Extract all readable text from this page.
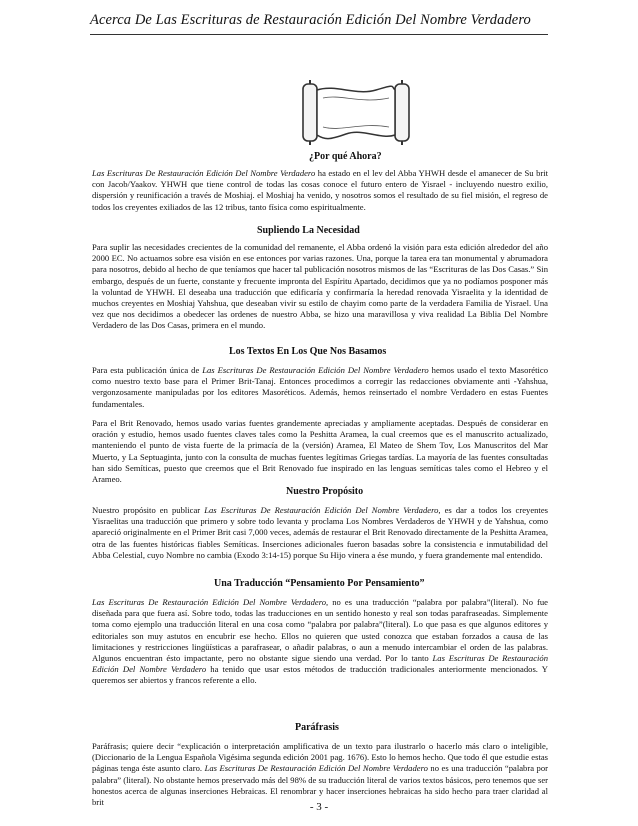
Acerca De Las Escrituras de Restauración Edición Del Nombre Verdadero
¿Por qué Ahora?
Las Escrituras De Restauración Edición Del Nombre Verdadero ha estado en el lev del Abba YHWH desde el amanecer de Su brit con Jacob/Yaakov. YHWH que tiene control de todas las cosas conoce el futuro entero de Yisrael - incluyendo nuestro exilio, dispersión y reunificación a través de Moshiaj. el Moshiaj ha venido, y nosotros somos el resultado de su fiel misión, el regreso de todos los creyentes exiliados de las 12 tribus, tanto física como espiritualmente.
Supliendo La Necesidad
Para suplir las necesidades crecientes de la comunidad del remanente, el Abba ordenó la visión para esta edición alrededor del año 2000 EC. No actuamos sobre esa visión en ese entonces por varias razones. Una, porque la tarea era tan monumental y abrumadora para nosotros, debido al hecho de que teníamos que hacer tal publicación nosotros mismos de las “Escrituras de las Dos Casas.” Sin embargo, después de un fuerte, constante y frecuente impronta del Espíritu Apartado, decidimos que ya no podíamos posponer más la voluntad de YHWH. El deseaba una traducción que edificaría y confirmaría la heredad renovada Yisraelita y la identidad de muchos creyentes en Moshiaj Yahshua, que deseaban vivir su estilo de chayim como parte de la verdadera Familia de Yisrael. Una vez que nos decidimos a obedecer las ordenes de nuestro Abba, se hizo una maravillosa y viva realidad La Biblia Del Nombre Verdadero de las Dos Casas, primera en el mundo.
Los Textos En Los Que Nos Basamos
Para esta publicación única de Las Escrituras De Restauración Edición Del Nombre Verdadero hemos usado el texto Masorético como nuestro texto base para el Primer Brit-Tanaj. Entonces procedimos a corregir las redacciones obviamente anti -Yahshua, vergonzosamente manipuladas por los editores Masoréticos. Además, hemos reinsertado el nombre Verdadero en estas Fuentes fundamentales.
Para el Brit Renovado, hemos usado varias fuentes grandemente apreciadas y ampliamente aceptadas. Después de considerar en oración y estudio, hemos usado fuentes claves tales como la Peshitta Aramea, la cual creemos que es el manuscrito actualizado, manteniendo el punto de vista fuerte de la primacía de la (versión) Aramea, El Mateo de Shem Tov, Los Manuscritos del Mar Muerto, y La Septuaginta, junto con la consulta de muchas fuentes legítimas Griegas tardías. La mayoría de las fuentes consultadas han sido Semíticas, puesto que creemos que el Brit Renovado fue inspirado en las lenguas semíticas tales como el Hebreo y el Arameo.
Nuestro Propósito
Nuestro propósito en publicar Las Escrituras De Restauración Edición Del Nombre Verdadero, es dar a todos los creyentes Yisraelitas una traducción que primero y sobre todo levanta y proclama Los Nombres Verdaderos de YHWH y de Yahshua, como apareció originalmente en el Primer Brit casi 7,000 veces, además de restaurar el Brit Renovado directamente de la Peshitta Aramea, otra de las fuentes históricas fiables Semíticas. Inserciones adicionales fueron basadas sobre la consistencia e inmutabilidad del Abba Celestial, cuyo Nombre no cambia (Exodo 3:14-15) porque Su Hijo vinera a ése mundo, y fuera grandemente mal entendido.
Una Traducción “Pensamiento Por Pensamiento”
Las Escrituras De Restauración Edición Del Nombre Verdadero, no es una traducción “palabra por palabra”(literal). No fue diseñada para que fuera así. Sobre todo, todas las traducciones en un sentido honesto y real son todas parafraseadas. Simplemente toma como ejemplo una traducción literal en una cosa como “palabra por palabra”(literal). Lo que pasa es que algunos editores y editoriales son muy astutos en encubrir ese hecho. Ellos no quieren que usted conozca que estaban forzados a causa de las limitaciones y restricciones lingüísticas a parafrasear, o añadir palabras, o aun a menudo intercambiar el orden de las palabras. Algunos encuentran ésto impactante, pero no obstante sigue siendo una verdad. Por lo tanto Las Escrituras De Restauración Edición Del Nombre Verdadero ha tenido que usar estos métodos de traducción tradicionales anteriormente mencionados. Y queremos ser abiertos y francos referente a ello.
Paráfrasis
Paráfrasis; quiere decir “explicación o interpretación amplificativa de un texto para ilustrarlo o hacerlo más claro o inteligible, (Diccionario de la Lengua Española Vigésima segunda edición 2001 pag. 1676). Esto lo hemos hecho. Que todo él que estudie estas páginas tenga éste asunto claro. Las Escrituras De Restauración Edición Del Nombre Verdadero no es una traducción “palabra por palabra” (literal). No obstante hemos preservado más del 98% de su traducción literal de varios textos básicos, pero tenemos que ser honestos acerca de algunas inserciones Hebraicas. El renombrar y hacer inserciones hebraicas ha sido hecho para traer claridad al brit	- 3 -
